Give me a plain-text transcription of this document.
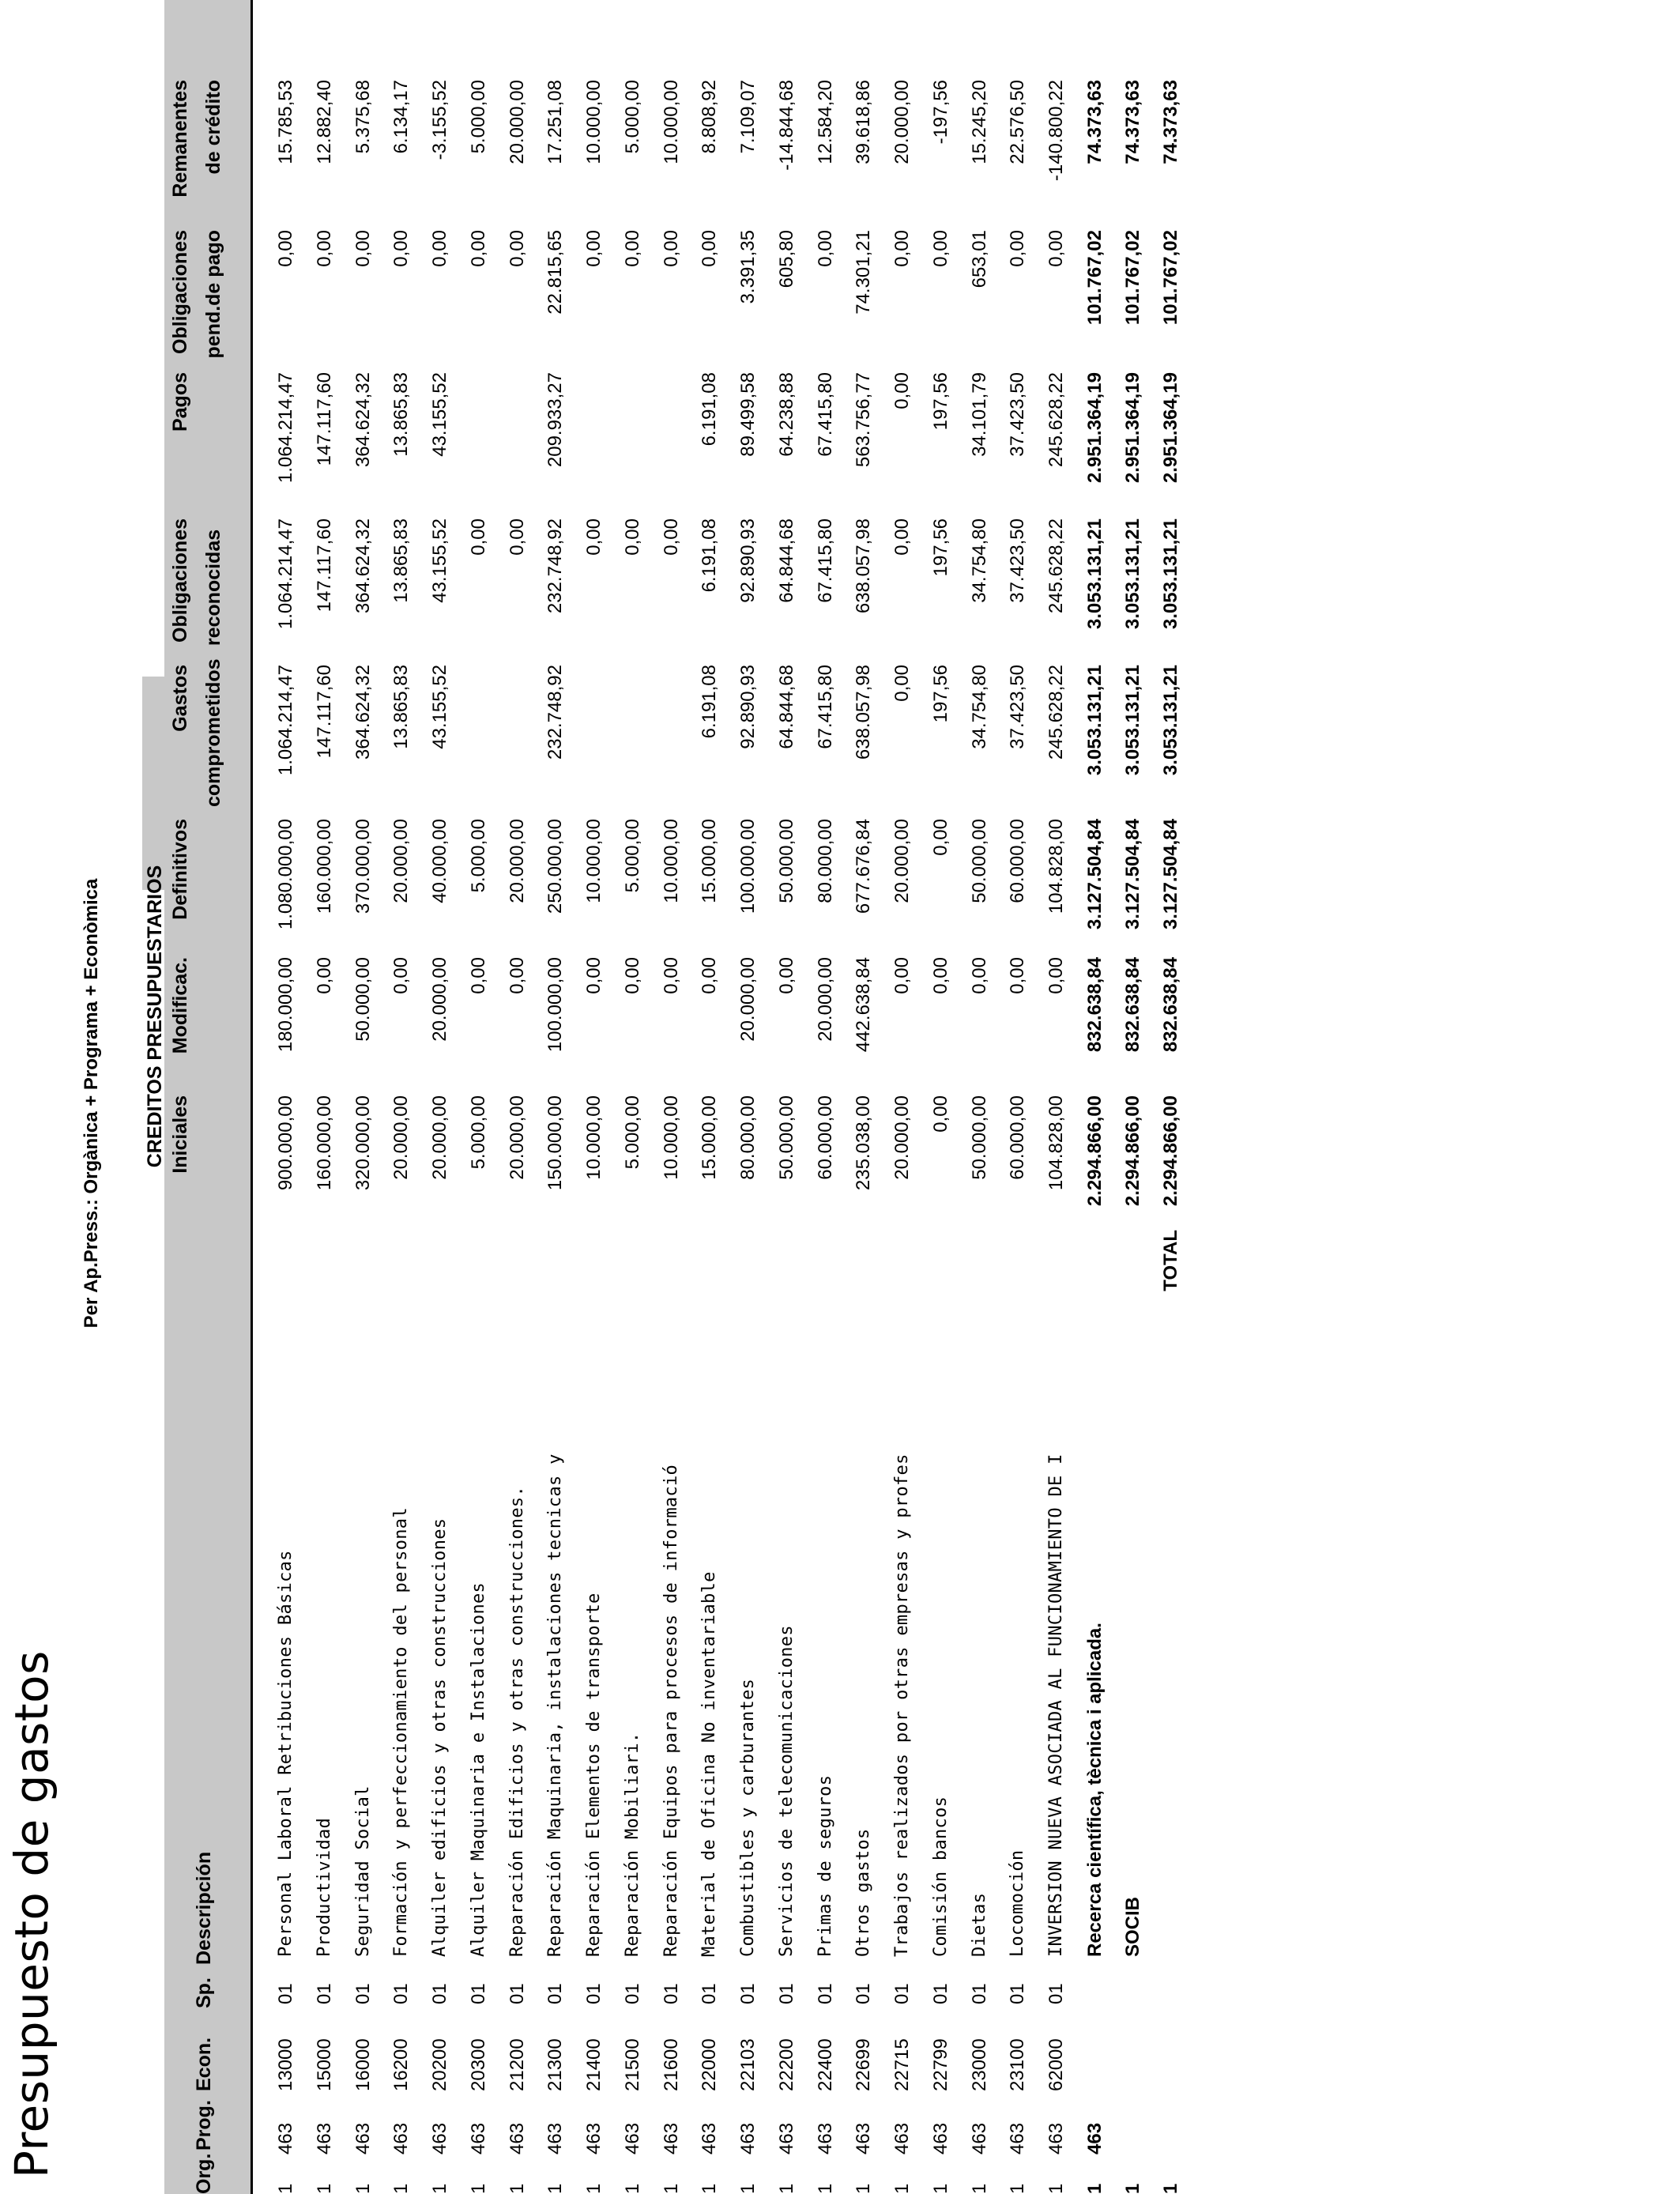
Presupuesto de gastos
Per Ap.Press.: Orgànica + Programa + Econòmica CREDITOS PRESUPUESTARIOS
Org.
Prog.
Econ.
Sp.
Descripción
Iniciales
Modificac.
Definitivos
Gastos comprometidos
Obligaciones reconocidas
Pagos
Obligaciones pend.de pago
Remanentes de crédito
1
463
13000
01
Personal Laboral Retribuciones Básicas
900.000,00
180.000,00
1.080.000,00
1.064.214,47
1.064.214,47
1.064.214,47
0,00
15.785,53
1
463
15000
01
Productividad
160.000,00
0,00
160.000,00
147.117,60
147.117,60
147.117,60
0,00
12.882,40
1
463
16000
01
Seguridad Social
320.000,00
50.000,00
370.000,00
364.624,32
364.624,32
364.624,32
0,00
5.375,68
1
463
16200
01
Formación y perfeccionamiento del personal
20.000,00
0,00
20.000,00
13.865,83
13.865,83
13.865,83
0,00
6.134,17
1
463
20200
01
Alquiler edificios y otras construcciones
20.000,00
20.000,00
40.000,00
43.155,52
43.155,52
43.155,52
0,00
-3.155,52
1
463
20300
01
Alquiler Maquinaria e Instalaciones
5.000,00
0,00
5.000,00
0,00
0,00
5.000,00
1
463
21200
01
Reparación Edificios y otras construcciones.
20.000,00
0,00
20.000,00
0,00
0,00
20.000,00
1
463
21300
01
Reparación Maquinaria, instalaciones tecnicas y
150.000,00
100.000,00
250.000,00
232.748,92
232.748,92
209.933,27
22.815,65
17.251,08
1
463
21400
01
Reparación Elementos de transporte
10.000,00
0,00
10.000,00
0,00
0,00
10.000,00
1
463
21500
01
Reparación Mobiliari.
5.000,00
0,00
5.000,00
0,00
0,00
5.000,00
1
463
21600
01
Reparación Equipos para procesos de informació
10.000,00
0,00
10.000,00
0,00
0,00
10.000,00
1
463
22000
01
Material de Oficina No inventariable
15.000,00
0,00
15.000,00
6.191,08
6.191,08
6.191,08
0,00
8.808,92
1
463
22103
01
Combustibles y carburantes
80.000,00
20.000,00
100.000,00
92.890,93
92.890,93
89.499,58
3.391,35
7.109,07
1
463
22200
01
Servicios de telecomunicaciones
50.000,00
0,00
50.000,00
64.844,68
64.844,68
64.238,88
605,80
-14.844,68
1
463
22400
01
Primas de seguros
60.000,00
20.000,00
80.000,00
67.415,80
67.415,80
67.415,80
0,00
12.584,20
1
463
22699
01
Otros gastos
235.038,00
442.638,84
677.676,84
638.057,98
638.057,98
563.756,77
74.301,21
39.618,86
1
463
22715
01
Trabajos realizados por otras empresas y profes
20.000,00
0,00
20.000,00
0,00
0,00
0,00
0,00
20.000,00
1
463
22799
01
Comisión bancos
0,00
0,00
0,00
197,56
197,56
197,56
0,00
-197,56
1
463
23000
01
Dietas
50.000,00
0,00
50.000,00
34.754,80
34.754,80
34.101,79
653,01
15.245,20
1
463
23100
01
Locomoción
60.000,00
0,00
60.000,00
37.423,50
37.423,50
37.423,50
0,00
22.576,50
1
463
62000
01
INVERSION NUEVA ASOCIADA AL FUNCIONAMIENTO DE I
104.828,00
0,00
104.828,00
245.628,22
245.628,22
245.628,22
0,00
-140.800,22
1
463
Recerca científica, tècnica i aplicada.
2.294.866,00
832.638,84
3.127.504,84
3.053.131,21
3.053.131,21
2.951.364,19
101.767,02
74.373,63
1
SOCIB
2.294.866,00
832.638,84
3.127.504,84
3.053.131,21
3.053.131,21
2.951.364,19
101.767,02
74.373,63
1
TOTAL
2.294.866,00
832.638,84
3.127.504,84
3.053.131,21
3.053.131,21
2.951.364,19
101.767,02
74.373,63
